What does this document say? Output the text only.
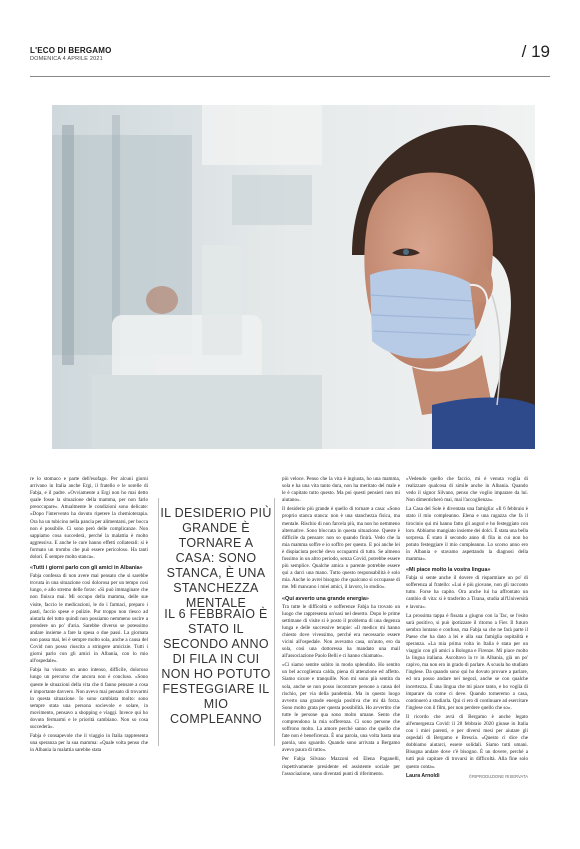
L'ECO DI BERGAMO
DOMENICA 4 APRILE 2021	/ 19

re lo stomaco e parte dell'esofago. Per alcuni giorni arrivano in Italia anche Ergi, il fratello e le sorelle di Fabja, e il padre. «Ovviamente a Ergi non ho mai detto quale fosse la situazione della mamma, per non farlo preoccupare». Attualmente le condizioni sono delicate: «Dopo l'intervento ha dovuto ripetere la chemioterapia. Ora ha un tubicino nella pancia per alimentarsi, per bocca non è possibile. Ci sono però delle complicanze. Non sappiamo cosa succederà, perché la malattia è molto aggressiva. E anche le cure hanno effetti collaterali: si è formato un trombo che può essere pericoloso. Ha tanti dolori. È sempre molto stanca».

«Tutti i giorni parlo con gli amici in Albania»

Fabja confessa di non avere mai pensato che si sarebbe trovata in una situazione così dolorosa per un tempo così lungo, e allo stremo delle forze: «Si può immaginare che non finisca mai. Mi occupo della mamma, delle sue visite, faccio le medicazioni, le do i farmaci, preparo i pasti, faccio spese e pulizie. Pur troppo non riesco ad aiutarla del tutto quindi non possiamo nemmeno uscire a prendere un po' d'aria. Sarebbe diverso se potessimo andare insieme a fare la spesa o due passi. La giornata non passa mai, lei è sempre molto sola, anche a causa del Covid non posso riuscita a stringere amicizie. Tutti i giorni parlo con gli amici in Albania, con lo mio all'ospedale».

Fabja ha vissuto un anno intenso, difficile, doloroso lungo un percorso che ancora non è concluso. «Sono queste le situazioni della vita che ti fanno pensare a cosa è importante davvero. Non avevo mai pensato di trovarmi in questa situazione. Io sono cambiata molto: sono sempre stata una persona socievole e solare, in movimento, pensavo a shopping e viaggi. Invece qui ho dovuto fermarmi e le priorità cambiano. Non so cosa succederà».

Fabja è consapevole che il viaggio in Italia rappresenta una speranza per la sua mamma: «Quale volta penso che in Albania la malattia sarebbe stata

IL DESIDERIO PIÙ GRANDE È TORNARE A CASA: SONO STANCA, È UNA STANCHEZZA MENTALE
IL 6 FEBBRAIO È STATO IL SECONDO ANNO DI FILA IN CUI NON HO POTUTO FESTEGGIARE IL MIO COMPLEANNO

più veloce. Penso che la vita è ingiusta, ho una mamma, sola e ha una vita tanto dura, non ha meritato del male e le è capitato tutto questo. Ma poi questi pensieri non mi aiutano».

Il desiderio più grande è quello di tornare a casa: «Sono proprio stanca stanca: non è una stanchezza fisica, ma mentale. Rischio di non farcela più, ma non ho nemmeno alternative. Sono bloccata in questa situazione. Queste è difficile da pensare: non so quando finirà. Vedo che la mia mamma soffre e io soffro per questo. E poi anche lei è dispiaciuta perché devo occuparmi di tutto. Se almeno fossimo in un altro periodo, senza Covid, potrebbe essere più semplice. Qualche amica o parente potrebbe essere qui a darci una mano. Tutto questo responsabilità è solo mia. Anche io avrei bisogno che qualcuno si occupasse di me. Mi mancano i miei amici, il lavoro, lo studio».

«Qui avverto una grande energia»

Tra tutte le difficoltà e sofferenze Fabja ha trovato un luogo che rappresenta un'oasi nel deserto. Dopo le prime settimane di visite si è posto il problema di una degenza lunga e delle successive terapie: «Il medico mi hanno chiesto dove vivessimo, perché era necessario essere vicini all'ospedale. Non avevamo casa, un'auto, ero da sola, così una dottoressa ha mandato una mail all'associazione Paolo Belli e ci hanno chiamato».

«Ci siamo sentite subito in modo splendido. Ho sentito un bel accoglienza calda, piena di attenzione ed affetto. Siamo sicure e tranquille. Non mi sono più sentita da sola, anche se non posso incontrare persone a causa del rischio, per via della pandemia. Ma in questo luogo avverto una grande energia positiva che mi dà forza. Sono molto grata per questa possibilità. Ho avvertito che tutte le persone qua sono molto umane. Sento che comprendono la mia sofferenza. Ci sono persone che soffrono molto. La amore perché sanno che quello che fate non è beneficenza. È una parola, una volta basta una parola, uno sguardo. Quando sono arrivata a Bergamo avevo paura di tutto».

Per Fabja Silvano Mazzoni ed Elena Paganelli, rispettivamente presidente ed assistente sociale per l'associazione, sono diventati punti di riferimento.

«Vedendo quello che faccio, mi è venuta voglia di realizzare qualcosa di simile anche in Albania. Quando vedo il signor Silvano, penso che voglio imparare da lui. Non dimenticherò mai, mai l'accoglienza».

La Casa del Sole è diventata una famiglia: «Il 6 febbraio è stato il mio compleanno. Elena e una ragazza che fa il tirocinio qui mi hanno fatto gli auguri e ho festeggiato con loro. Abbiamo mangiato insieme dei dolci. È stata una bella sorpresa. È stato il secondo anno di fila in cui non ho potuto festeggiare il mio compleanno. Lo scorso anno ero in Albania e stavamo aspettando la diagnosi della mamma».

«Mi piace molto la vostra lingua»

Fabja si sente anche il dovere di risparmiare un po' di sofferenza al fratello: «Lui è più giovane, non gli racconto tutto. Forse ha capito. Ora anche lui ha affrontato un cambio di vita: si è trasferito a Tirana, studia all'Università e lavora».

La prossima tappa è fissata a giugno con la Tac, se l'esito sarà positivo, si può ipotizzare il ritorno a Fier. Il futuro sembra lontano e confuso, ma Fabja sa che ne farà parte il Paese che ha dato a lei e alla sua famiglia ospitalità e speranza. «La mia prima volta in Italia è stata per un viaggio con gli amici a Bologna e Firenze. Mi piace molto la lingua italiana. Ascoltavo la tv in Albania, già un po' capivo, ma non ero in grado di parlare. A scuola ho studiato l'inglese. Da quando sono qui ho dovuto provare a parlare, ed ora posso andare nei negozi, anche se con qualche incertezza. È una lingua che mi piace tanto, e ho voglia di imparare da come ci deve. Quando torneremo a casa, continuerò a studiarla. Qui ci ero di continuare ad esercitare l'inglese con il film, per non perdere quello che so».

Il ricordo che avrà di Bergamo è anche legato all'emergenza Covid: il 28 febbraio 2020 giunse in Italia con i miei parenti, e per diversi mesi per aiutare gli ospedali di Bergamo e Brescia. «Questo ci dice che dobbiamo aiutarci, essere solidali. Siamo tutti umani. Bisogna andare dove c'è bisogno. È un dovere, perché a tutti può capitare di trovarsi in difficoltà. Alla fine solo questo conta».

Laura Arnoldi	©RIPRODUZIONE RISERVATA
